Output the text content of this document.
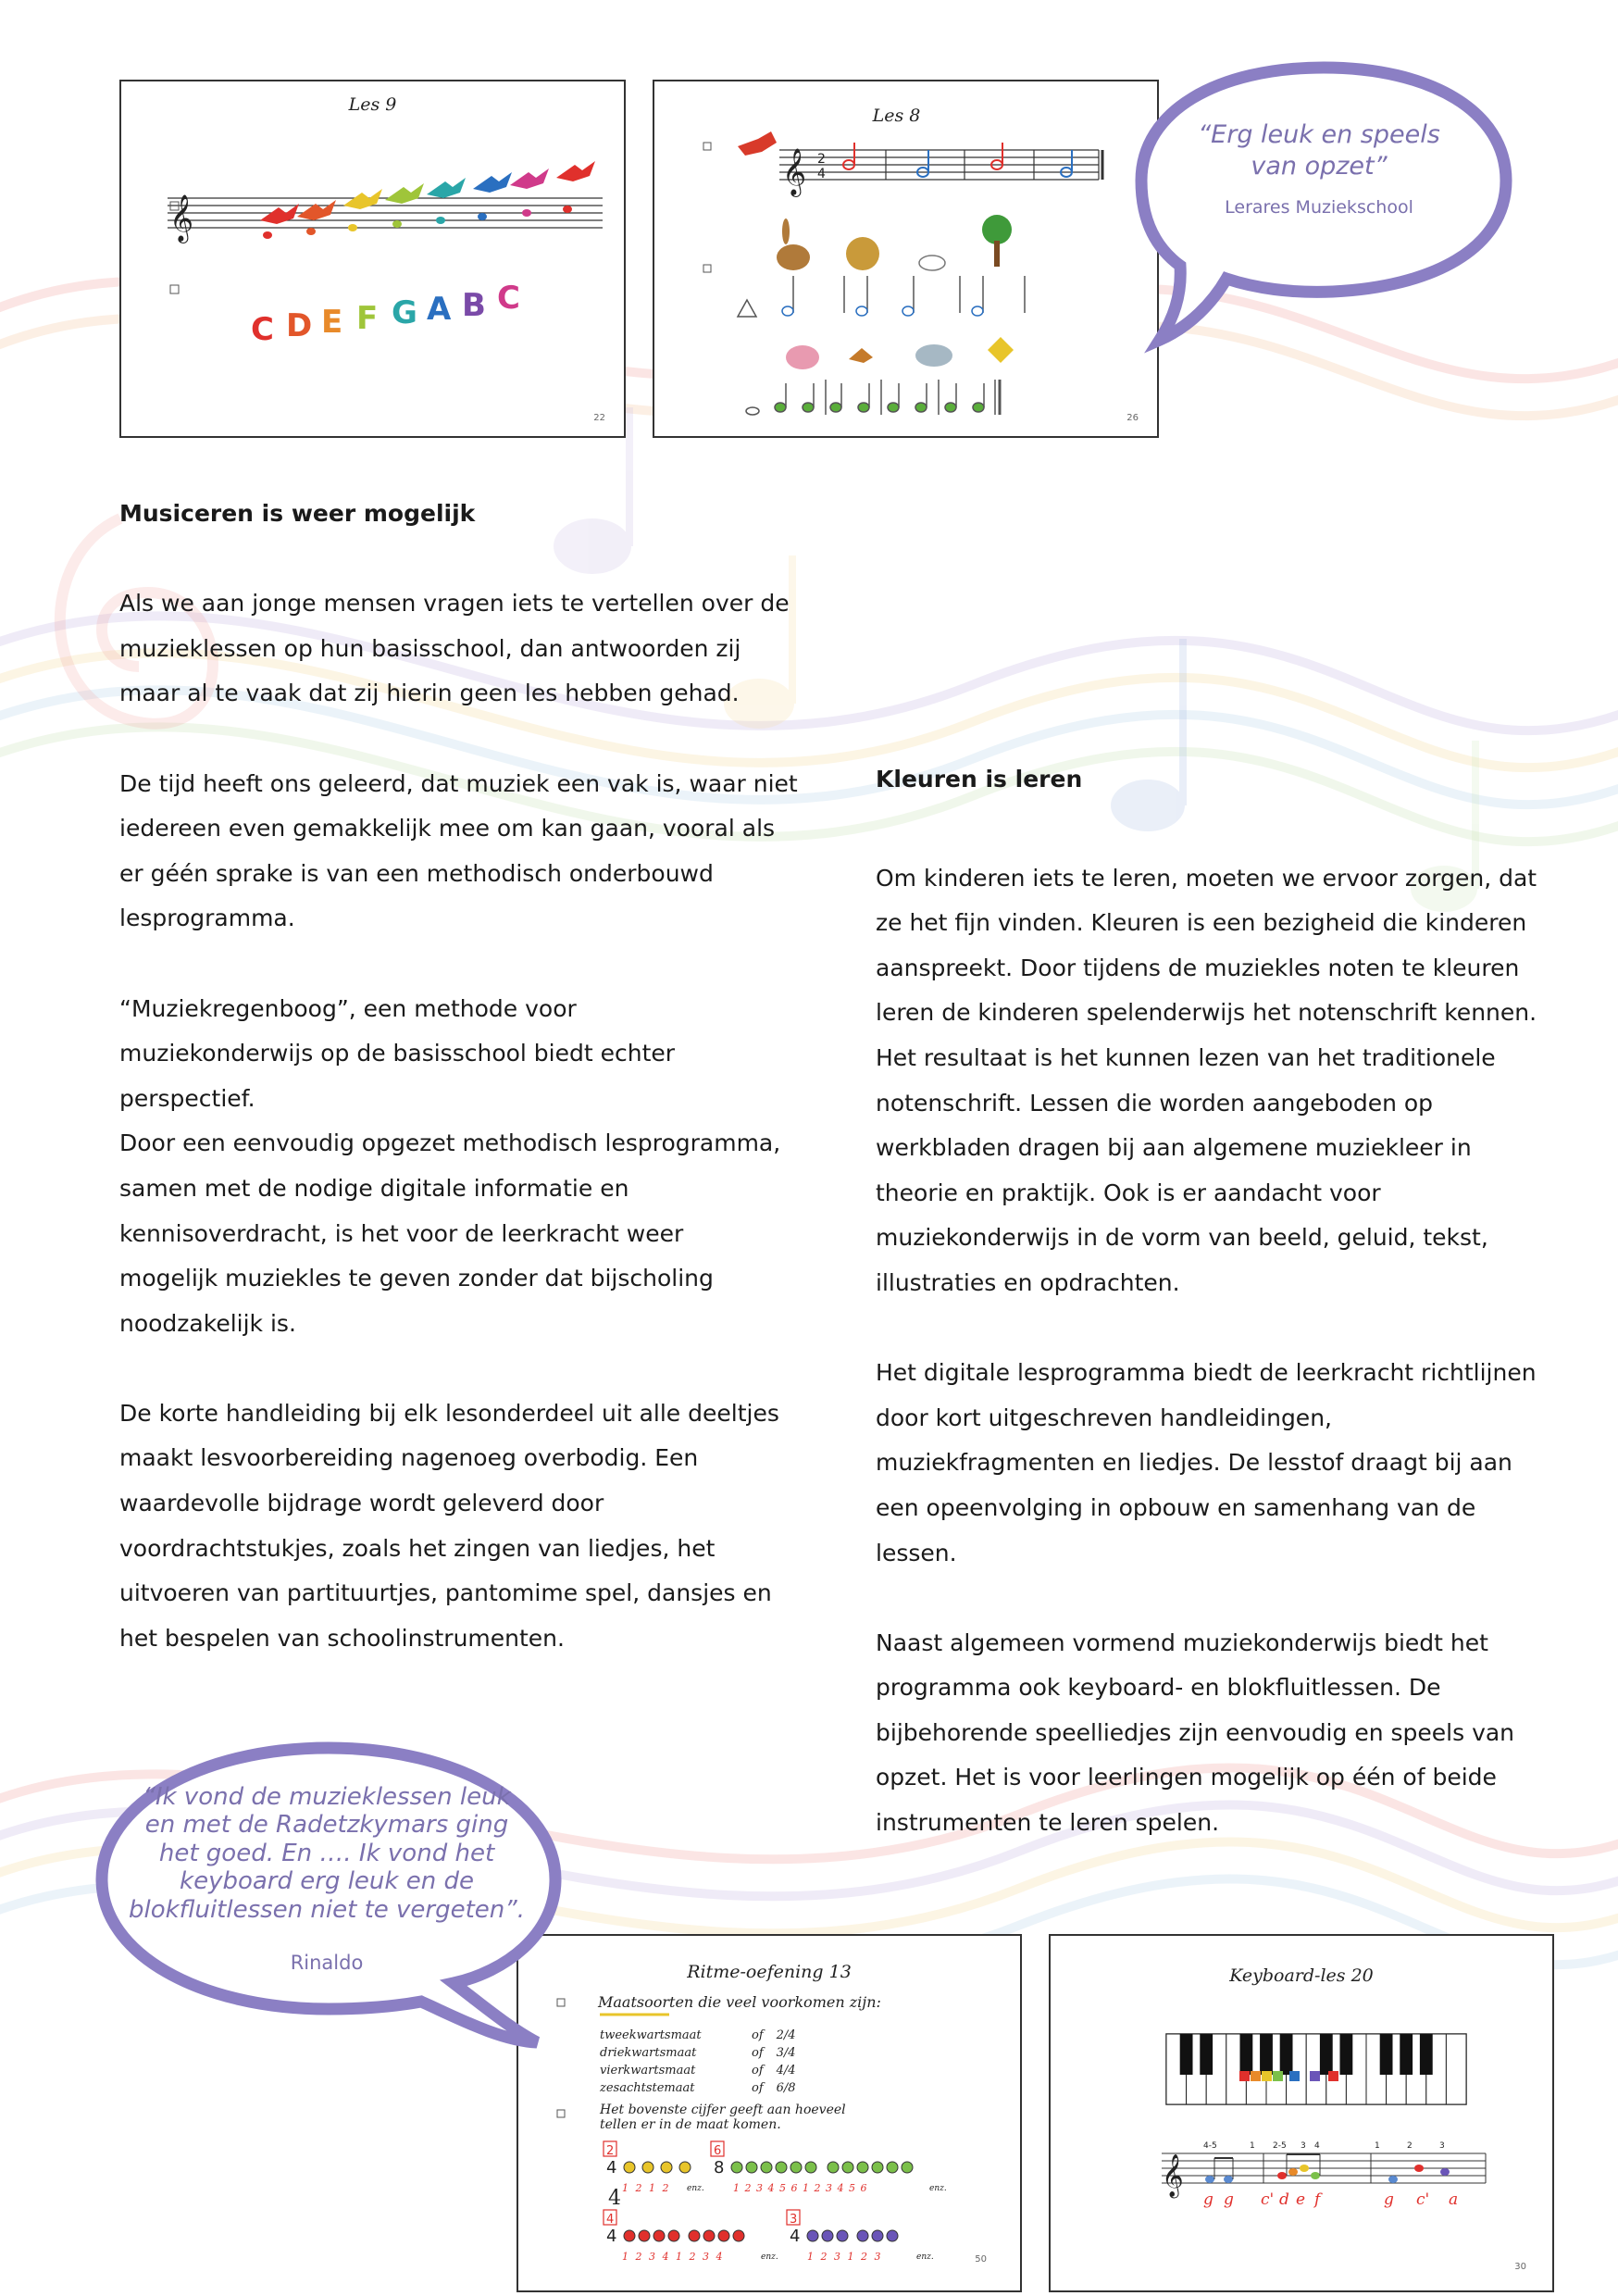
Les 9
𝄞
C D E F G A B C
22
Les 8
𝄞 2
4
26
“Erg leuk en speels van opzet”
Lerares Muziekschool

Musiceren is weer mogelijk

Als we aan jonge mensen vragen iets te vertellen over de muzieklessen op hun basisschool, dan antwoorden zij maar al te vaak dat zij hierin geen les hebben gehad.

De tijd heeft ons geleerd, dat muziek een vak is, waar niet iedereen even gemakkelijk mee om kan gaan, vooral als er géén sprake is van een methodisch onderbouwd lesprogramma.

“Muziekregenboog”, een methode voor muziekonderwijs op de basisschool biedt echter perspectief.

Door een eenvoudig opgezet methodisch lesprogramma, samen met de nodige digitale informatie en kennisoverdracht, is het voor de leerkracht weer mogelijk muziekles te geven zonder dat bijscholing noodzakelijk is.

De korte handleiding bij elk lesonderdeel uit alle deeltjes maakt lesvoorbereiding nagenoeg overbodig. Een waardevolle bijdrage wordt geleverd door voordrachtstukjes, zoals het zingen van liedjes, het uitvoeren van partituurtjes, pantomime spel, dansjes en het bespelen van schoolinstrumenten.

Kleuren is leren

Om kinderen iets te leren, moeten we ervoor zorgen, dat ze het fijn vinden. Kleuren is een bezigheid die kinderen aanspreekt. Door tijdens de muziekles noten te kleuren leren de kinderen spelenderwijs het notenschrift kennen. Het resultaat is het kunnen lezen van het traditionele notenschrift. Lessen die worden aangeboden op werkbladen dragen bij aan algemene muziekleer in theorie en praktijk. Ook is er aandacht voor muziekonderwijs in de vorm van beeld, geluid, tekst, illustraties en opdrachten.

Het digitale lesprogramma biedt de leerkracht richtlijnen door kort uitgeschreven handleidingen, muziekfragmenten en liedjes. De lesstof draagt bij aan een opeenvolging in opbouw en samenhang van de lessen.

Naast algemeen vormend muziekonderwijs biedt het programma ook keyboard- en blokfluitlessen. De bijbehorende speelliedjes zijn eenvoudig en speels van opzet. Het is voor leerlingen mogelijk op één of beide instrumenten te leren spelen.

Ritme-oefening 13
4
2
4
6
8
4
4
3
4
Maatsoorten die veel voorkomen zijn:
tweekwartsmaat	of 2/4
driekwartsmaat	of 3/4
vierkwartsmaat	of 4/4
zesachtstemaat	of 6/8
Het bovenste cijfer geeft aan hoeveel
tellen er in de maat komen.
1 2 1 2 enz.	1 2 3 4 5 6 1 2 3 4 5 6	enz.
1 2 3 4 1 2 3 4	enz.	1 2 3 1 2 3	enz.	50
Keyboard-les 20
𝄞
4-5	1 2-5 3 4	1	2	3
g g c' d e f	g c' a
30
“Ik vond de muzieklessen leuk en met de Radetzkymars ging het goed. En …. Ik vond het keyboard erg leuk en de blokfluitlessen niet te vergeten”.
Rinaldo
